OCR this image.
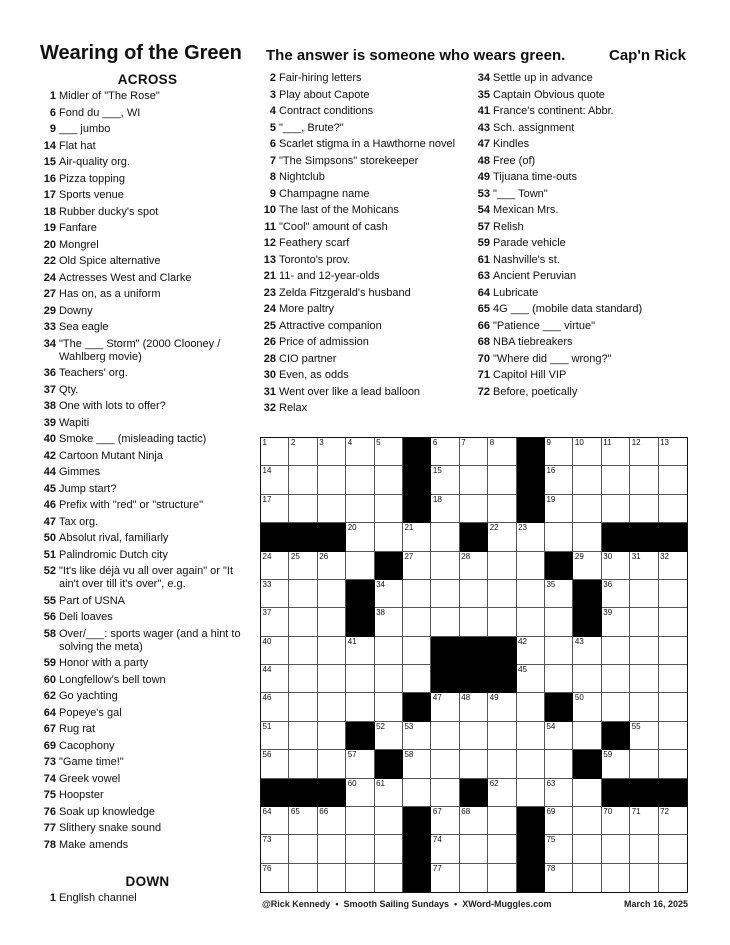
Wearing of the Green The answer is someone who wears green.	Cap'n Rick
ACROSS
1 Midler of "The Rose"
6 Fond du ___, WI
9 ___ jumbo
14 Flat hat
15 Air-quality org.
16 Pizza topping
17 Sports venue
18 Rubber ducky's spot
19 Fanfare
20 Mongrel
22 Old Spice alternative
24 Actresses West and Clarke
27 Has on, as a uniform
29 Downy
33 Sea eagle
34 "The ___ Storm" (2000 Clooney / Wahlberg movie)
36 Teachers' org.
37 Qty.
38 One with lots to offer?
39 Wapiti
40 Smoke ___ (misleading tactic)
42 Cartoon Mutant Ninja
44 Gimmes
45 Jump start?
46 Prefix with "red" or "structure"
47 Tax org.
50 Absolut rival, familiarly
51 Palindromic Dutch city
52 "It's like déjà vu all over again" or "It ain't over till it's over", e.g.
55 Part of USNA
56 Deli loaves
58 Over/___: sports wager (and a hint to solving the meta)
59 Honor with a party
60 Longfellow's bell town
62 Go yachting
64 Popeye's gal
67 Rug rat
69 Cacophony
73 "Game time!"
74 Greek vowel
75 Hoopster
76 Soak up knowledge
77 Slithery snake sound
78 Make amends
DOWN
1 English channel
2 Fair-hiring letters
3 Play about Capote
4 Contract conditions
5 "___, Brute?"
6 Scarlet stigma in a Hawthorne novel
7 "The Simpsons" storekeeper
8 Nightclub
9 Champagne name
10 The last of the Mohicans
11 "Cool" amount of cash
12 Feathery scarf
13 Toronto's prov.
21 11- and 12-year-olds
23 Zelda Fitzgerald's husband
24 More paltry
25 Attractive companion
26 Price of admission
28 CIO partner
30 Even, as odds
31 Went over like a lead balloon
32 Relax
34 Settle up in advance
35 Captain Obvious quote
41 France's continent: Abbr.
43 Sch. assignment
47 Kindles
48 Free (of)
49 Tijuana time-outs
53 "___ Town"
54 Mexican Mrs.
57 Relish
59 Parade vehicle
61 Nashville's st.
63 Ancient Peruvian
64 Lubricate
65 4G ___ (mobile data standard)
66 "Patience ___ virtue"
68 NBA tiebreakers
70 "Where did ___ wrong?"
71 Capitol Hill VIP
72 Before, poetically
1	2	3	4	5	6	7	8	9	10 11	12 13
14	15	16
17	18	19
20	21	22 23
24 25 26	27	28	29 30 31 32
33	34	35	36
37	38	39
40	41	42	43
44	45
46	47 48 49	50
51	52 53	54	55
56	57	58	59
60 61	62	63
64 65 66	67 68	69	70 71 72
73	74	75
76	77	78
@Rick Kennedy • Smooth Sailing Sundays • XWord-Muggles.com	March 16, 2025
